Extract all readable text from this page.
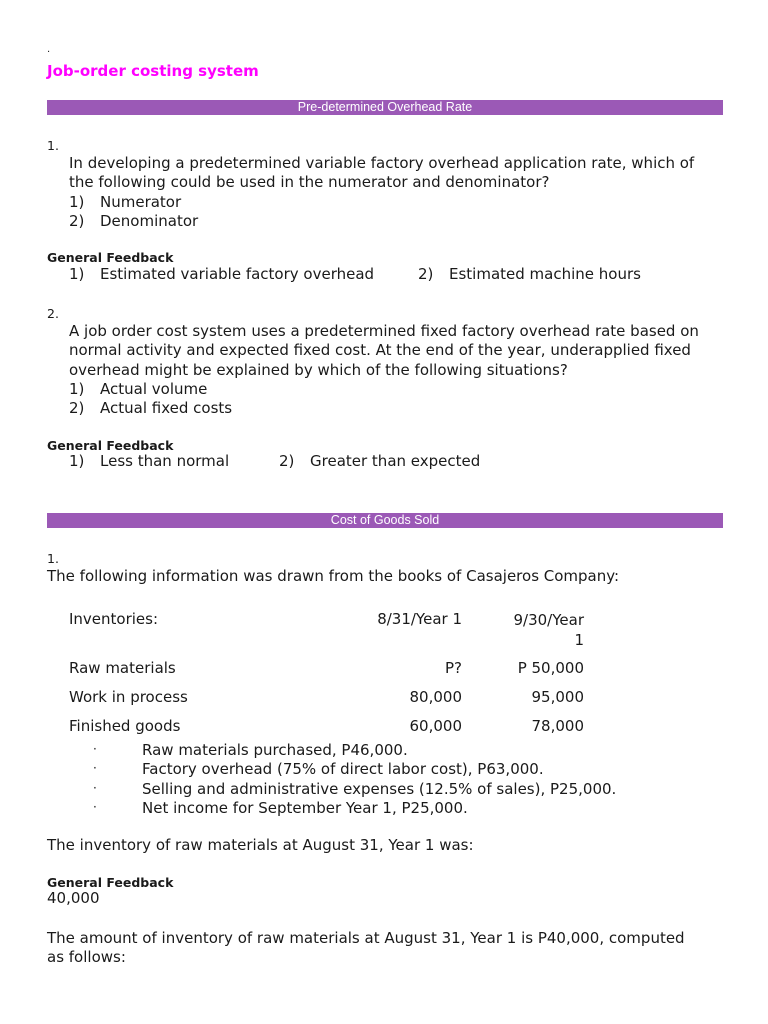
.
Job-order costing system
Pre-determined Overhead Rate
1.
In developing a predetermined variable factory overhead application rate, which of
the following could be used in the numerator and denominator?
1) Numerator
2) Denominator
General Feedback
1) Estimated variable factory overhead	2) Estimated machine hours
2.
A job order cost system uses a predetermined fixed factory overhead rate based on
normal activity and expected fixed cost. At the end of the year, underapplied fixed
overhead might be explained by which of the following situations?
1) Actual volume
2) Actual fixed costs
General Feedback
1) Less than normal	2) Greater than expected
Cost of Goods Sold
1.
The following information was drawn from the books of Casajeros Company:
Inventories:	8/31/Year 1	9/30/Year
1
Raw materials	P?	P 50,000
Work in process	80,000	95,000
Finished goods	60,000	78,000
·	Raw materials purchased, P46,000.
·	Factory overhead (75% of direct labor cost), P63,000.
·	Selling and administrative expenses (12.5% of sales), P25,000.
·	Net income for September Year 1, P25,000.
The inventory of raw materials at August 31, Year 1 was:
General Feedback
40,000
The amount of inventory of raw materials at August 31, Year 1 is P40,000, computed
as follows:
